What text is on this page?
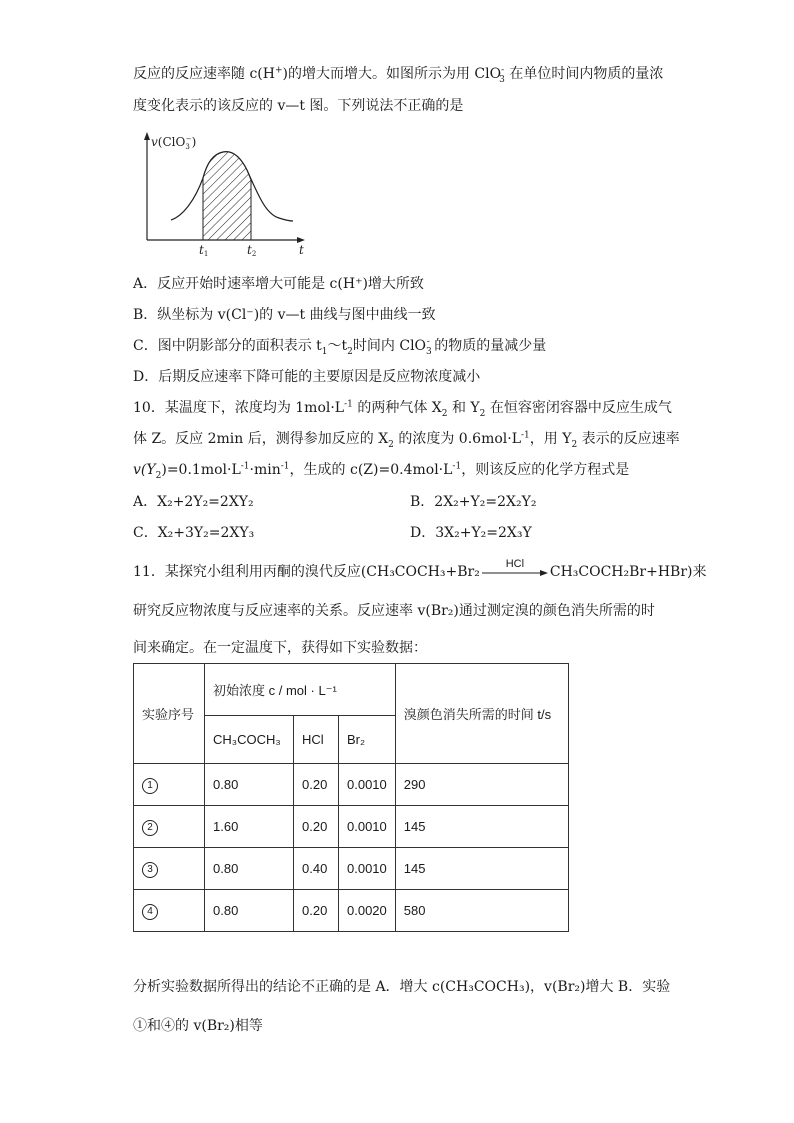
反应的反应速率随 c(H+)的增大而增大。如图所示为用 ClO-$_3$ 在单位时间内物质的量浓
度变化表示的该反应的 v—t 图。下列说法不正确的是
v(ClO$_3$−)
t
t1	t2
A．反应开始时速率增大可能是 c(H⁺)增大所致
B．纵坐标为 v(Cl⁻)的 v—t 曲线与图中曲线一致
C．图中阴影部分的面积表示 $t_1\sim t_2$时间内 ClO$_3$- 的物质的量减少量
D．后期反应速率下降可能的主要原因是反应物浓度减小
10．某温度下，浓度均为 $1mol\cdot L^{-1}$ 的两种气体 $X_2$ 和 $Y_2$ 在恒容密闭容器中反应生成气
体 Z。反应 2min 后，测得参加反应的 $X_2$ 的浓度为 $0.6mol\cdot L^{-1}$，用 $Y_2$ 表示的反应速率
$v(Y_2)=0.1mol\cdot L^{-1}\cdot\min^{-1}$，生成的 $c(Z)=0.4mol\cdot L^{-1}$，则该反应的化学方程式是
A．X₂+2Y₂=2XY₂	B．2X₂+Y₂=2X₂Y₂
C．X₂+3Y₂=2XY₃	D．3X₂+Y₂=2X₃Y
11．某探究小组利用丙酮的溴代反应(CH₃COCH₃+Br₂	HCl	CH₃COCH₂Br+HBr)来
研究反应物浓度与反应速率的关系。反应速率 v(Br₂)通过测定溴的颜色消失所需的时
间来确定。在一定温度下，获得如下实验数据：
实验序号	初始浓度 c / mol · L⁻¹			溴颜色消失所需的时间 t/s
	CH₃COCH₃	HCl	Br₂	
1	0.80	0.20	0.0010	290
2	1.60	0.20	0.0010	145
3	0.80	0.40	0.0010	145
4	0.80	0.20	0.0020	580
分析实验数据所得出的结论不正确的是 A．增大 c(CH₃COCH₃)，v(Br₂)增大 B．实验
①和④的 v(Br₂)相等
